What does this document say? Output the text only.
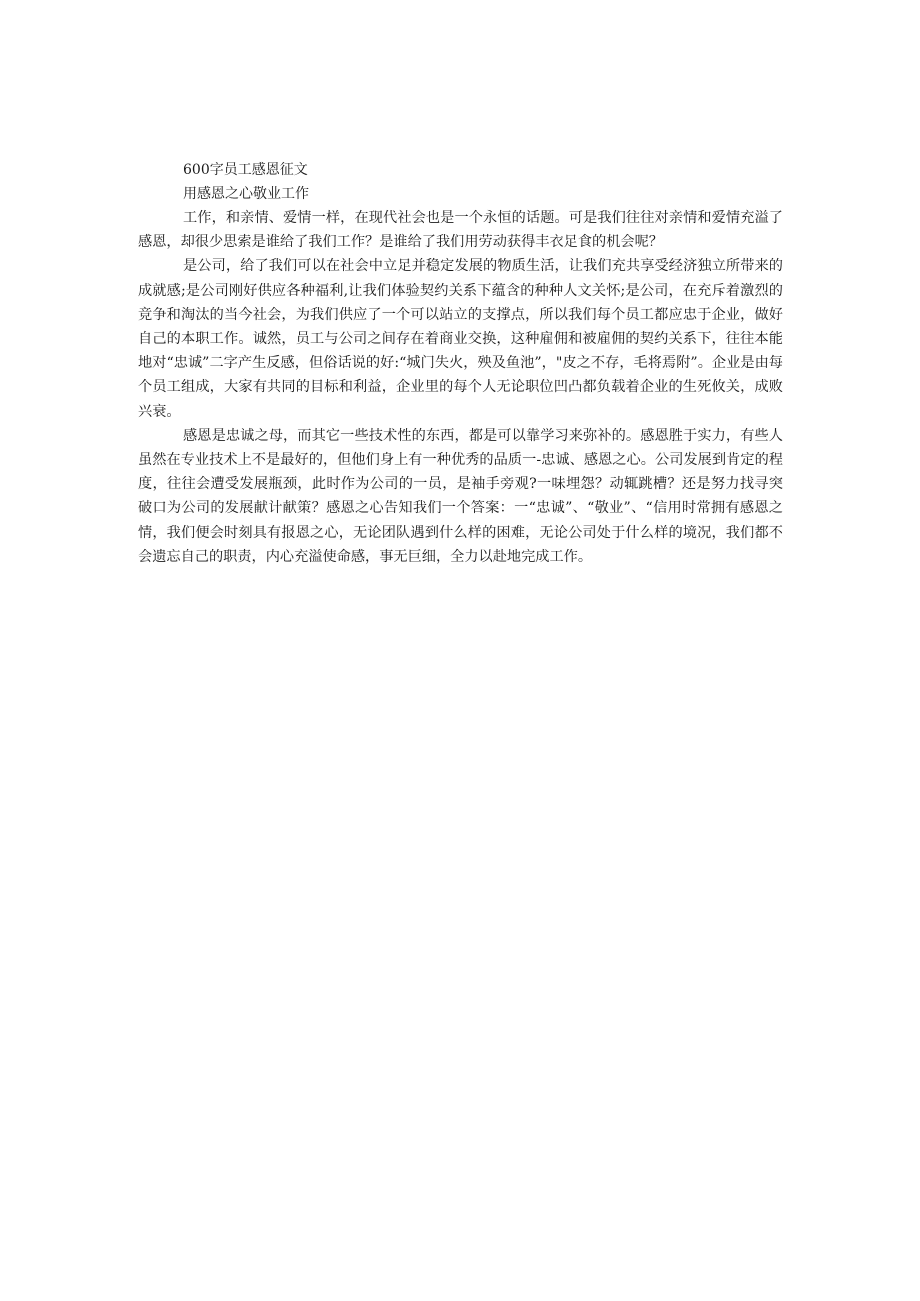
600字员工感恩征文

用感恩之心敬业工作

工作，和亲情、爱情一样，在现代社会也是一个永恒的话题。可是我们往往对亲情和爱情充溢了感恩，却很少思索是谁给了我们工作？是谁给了我们用劳动获得丰衣足食的机会呢？

是公司，给了我们可以在社会中立足并稳定发展的物质生活，让我们充共享受经济独立所带来的成就感;是公司刚好供应各种福利,让我们体验契约关系下蕴含的种种人文关怀;是公司，在充斥着激烈的竞争和淘汰的当今社会，为我们供应了一个可以站立的支撑点，所以我们每个员工都应忠于企业，做好自己的本职工作。诚然，员工与公司之间存在着商业交换，这种雇佣和被雇佣的契约关系下，往往本能地对“忠诚”二字产生反感，但俗话说的好:“城门失火，殃及鱼池”，"皮之不存，毛将焉附”。企业是由每个员工组成，大家有共同的目标和利益，企业里的每个人无论职位凹凸都负载着企业的生死攸关，成败兴衰。

感恩是忠诚之母，而其它一些技术性的东西，都是可以靠学习来弥补的。感恩胜于实力，有些人虽然在专业技术上不是最好的，但他们身上有一种优秀的品质一-忠诚、感恩之心。公司发展到肯定的程度，往往会遭受发展瓶颈，此时作为公司的一员，是袖手旁观?一味埋怨？动辄跳槽？还是努力找寻突破口为公司的发展献计献策？感恩之心告知我们一个答案：一“忠诚”、“敬业”、“信用时常拥有感恩之情，我们便会时刻具有报恩之心，无论团队遇到什么样的困难，无论公司处于什么样的境况，我们都不会遗忘自己的职责，内心充溢使命感，事无巨细，全力以赴地完成工作。
